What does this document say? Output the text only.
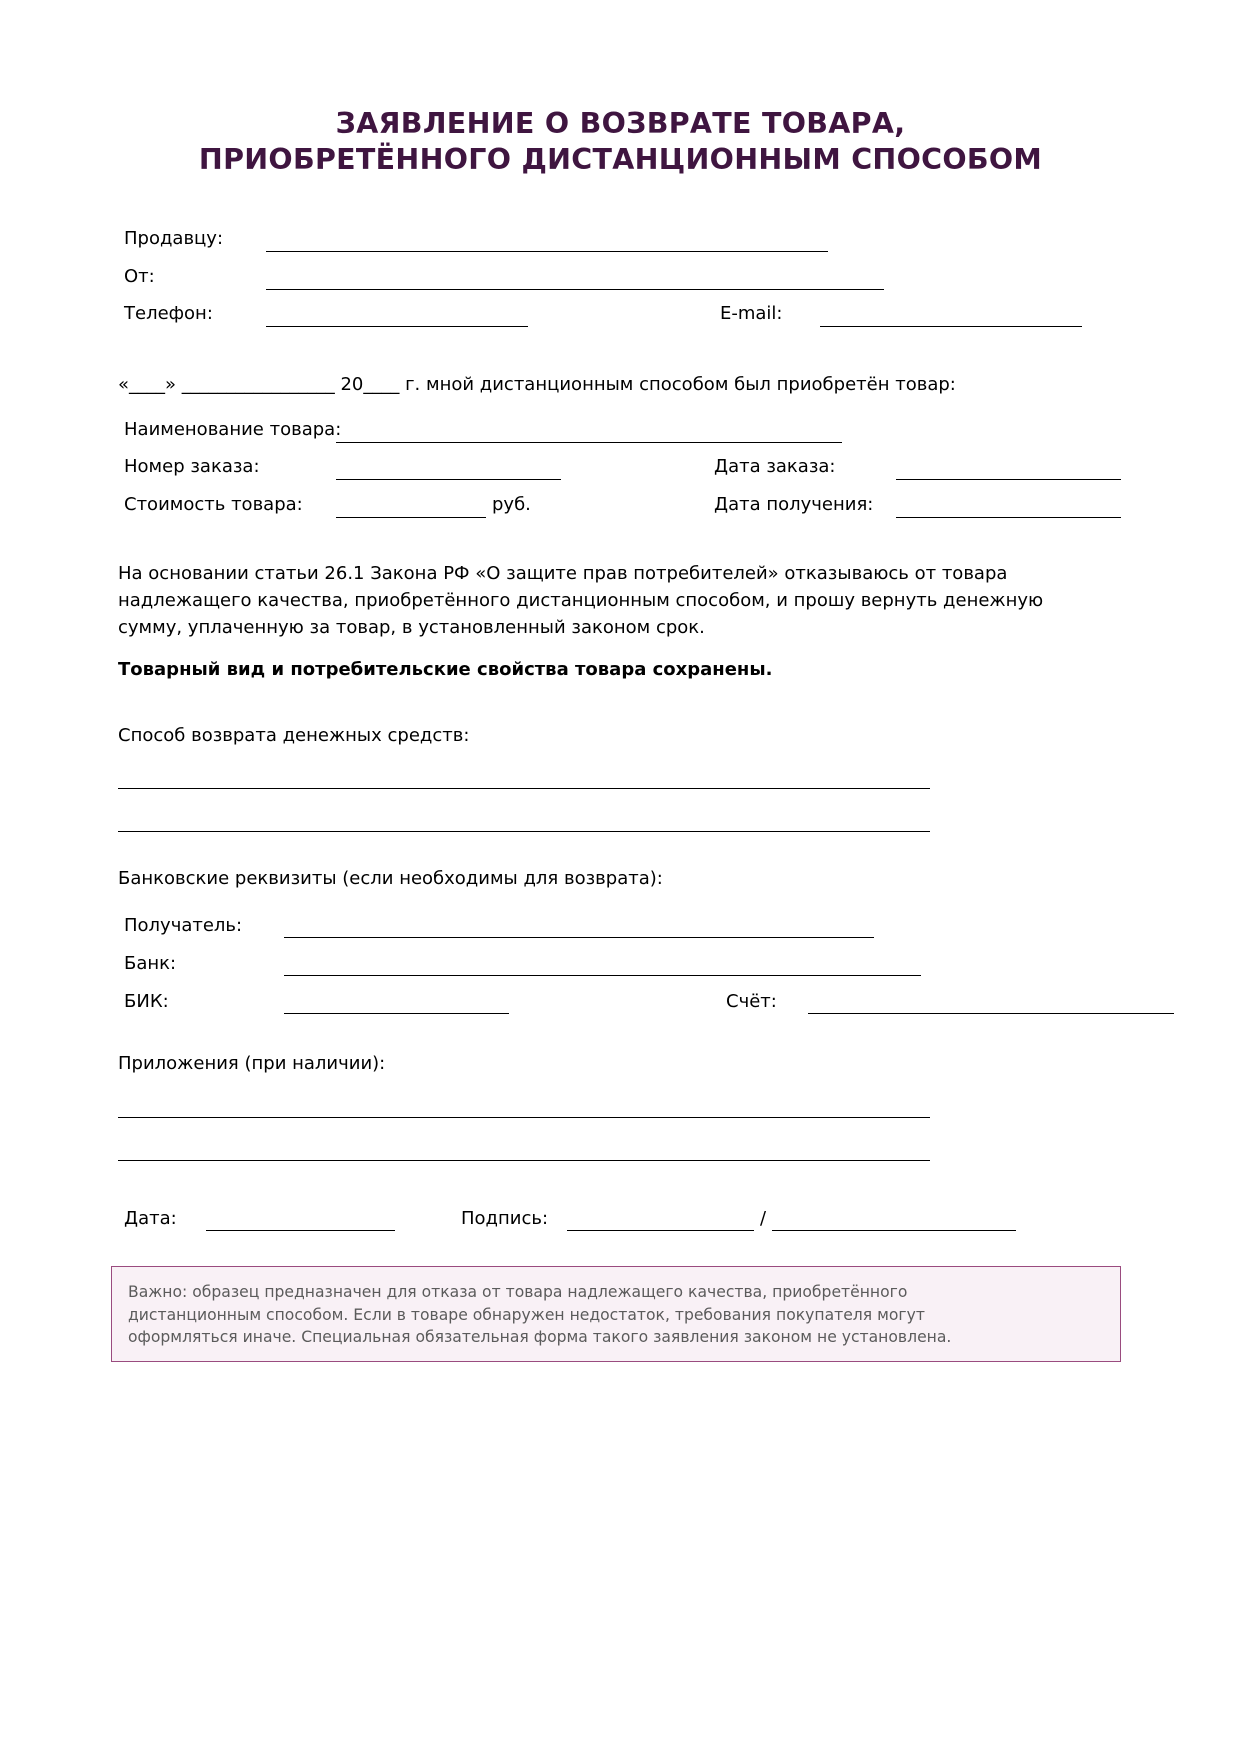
ЗАЯВЛЕНИЕ О ВОЗВРАТЕ ТОВАРА,
ПРИОБРЕТЁННОГО ДИСТАНЦИОННЫМ СПОСОБОМ
Продавцу:
От:
Телефон:	E-mail:
«____» _________________ 20____ г. мной дистанционным способом был приобретён товар:
Наименование товара:
Номер заказа:	Дата заказа:
Стоимость товара:	руб.	Дата получения:
На основании статьи 26.1 Закона РФ «О защите прав потребителей» отказываюсь от товара
надлежащего качества, приобретённого дистанционным способом, и прошу вернуть денежную
сумму, уплаченную за товар, в установленный законом срок.
Товарный вид и потребительские свойства товара сохранены.
Способ возврата денежных средств:
Банковские реквизиты (если необходимы для возврата):
Получатель:
Банк:
БИК:	Счёт:
Приложения (при наличии):
Дата:	Подпись:	/
Важно: образец предназначен для отказа от товара надлежащего качества, приобретённого
дистанционным способом. Если в товаре обнаружен недостаток, требования покупателя могут
оформляться иначе. Специальная обязательная форма такого заявления законом не установлена.
